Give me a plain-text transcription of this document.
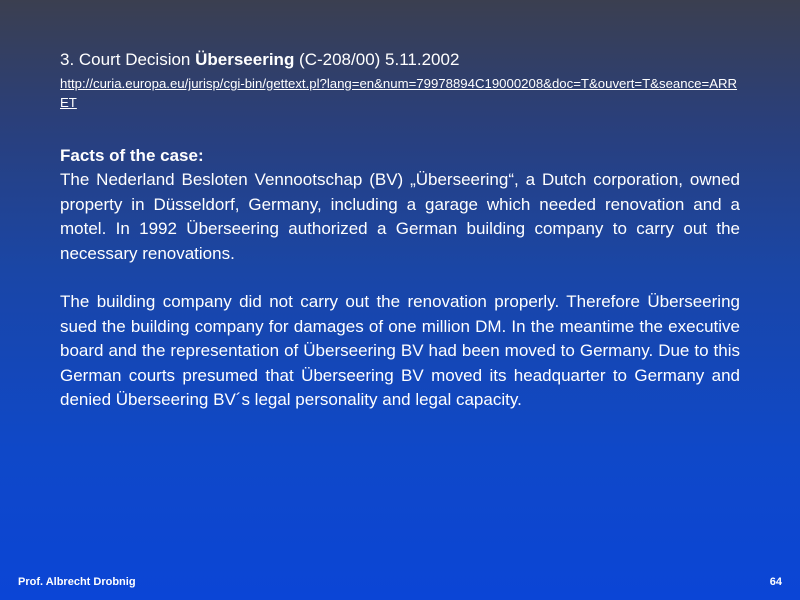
3. Court Decision Überseering (C-208/00) 5.11.2002

http://curia.europa.eu/jurisp/cgi-bin/gettext.pl?lang=en&num=79978894C19000208&doc=T&ouvert=T&seance=ARRET
Facts of the case:

The Nederland Besloten Vennootschap (BV) „Überseering“, a Dutch corporation, owned property in Düsseldorf, Germany, including a garage which needed renovation and a motel. In 1992 Überseering authorized a German building company to carry out the necessary renovations.

The building company did not carry out the renovation properly. Therefore Überseering sued the building company for damages of one million DM. In the meantime the executive board and the representation of Überseering BV had been moved to Germany. Due to this German courts presumed that Überseering BV moved its headquarter to Germany and denied Überseering BV´s legal personality and legal capacity.

Prof. Albrecht Drobnig	64
